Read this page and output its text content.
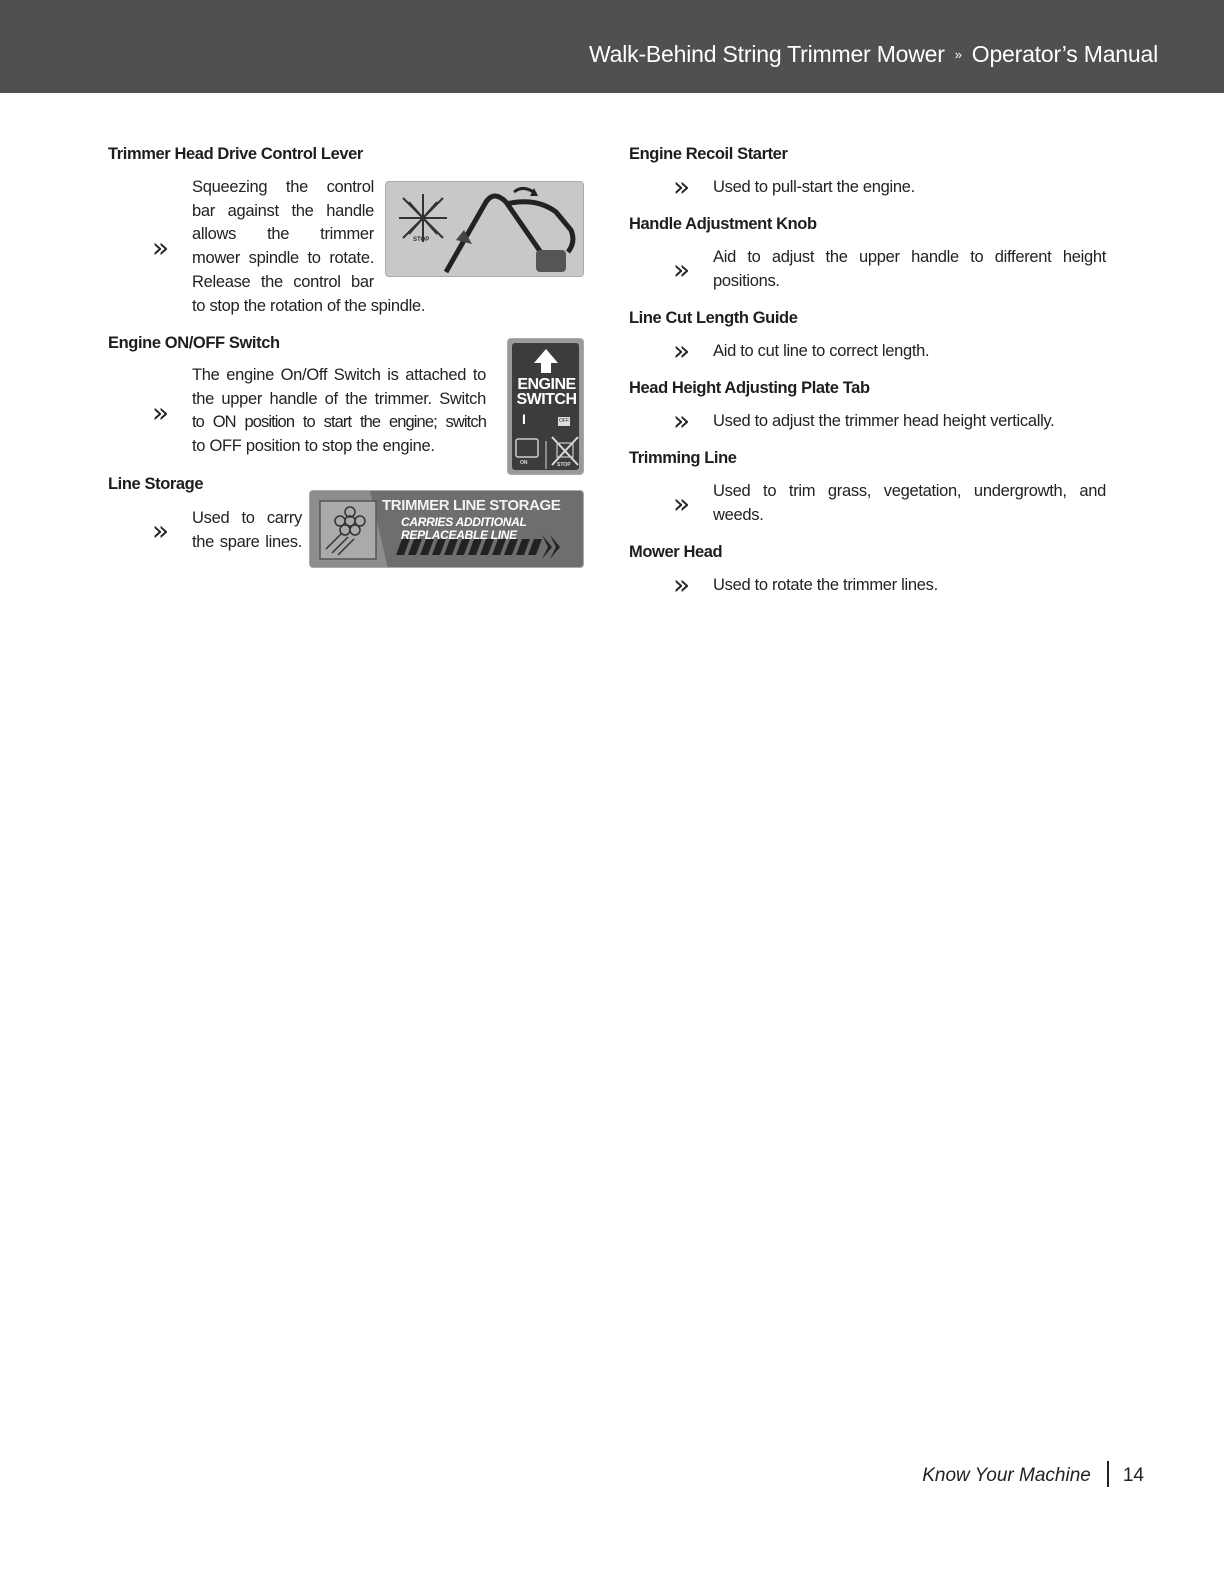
Walk-Behind String Trimmer Mower » Operator’s Manual
Trimmer Head Drive Control Lever
»
Squeezing the control
bar against the handle
allows the trimmer
mower spindle to rotate.
Release the control bar
to stop the rotation of the spindle.
STOP
Engine ON/OFF Switch
»
The engine On/Off Switch is attached to
the upper handle of the trimmer. Switch
to ON position to start the engine; switch
to OFF position to stop the engine.
ENGINE
SWITCH
I	OFF
ON	STOP
Line Storage
» Used to carry
the spare lines.
TRIMMER LINE STORAGE
CARRIES ADDITIONAL
REPLACEABLE LINE
Engine Recoil Starter
» Used to pull-start the engine.
Handle Adjustment Knob
» Aid to adjust the upper handle to different height
positions.
Line Cut Length Guide
» Aid to cut line to correct length.
Head Height Adjusting Plate Tab
» Used to adjust the trimmer head height vertically.
Trimming Line
» Used to trim grass, vegetation, undergrowth, and
weeds.
Mower Head
» Used to rotate the trimmer lines.
Know Your Machine 14
